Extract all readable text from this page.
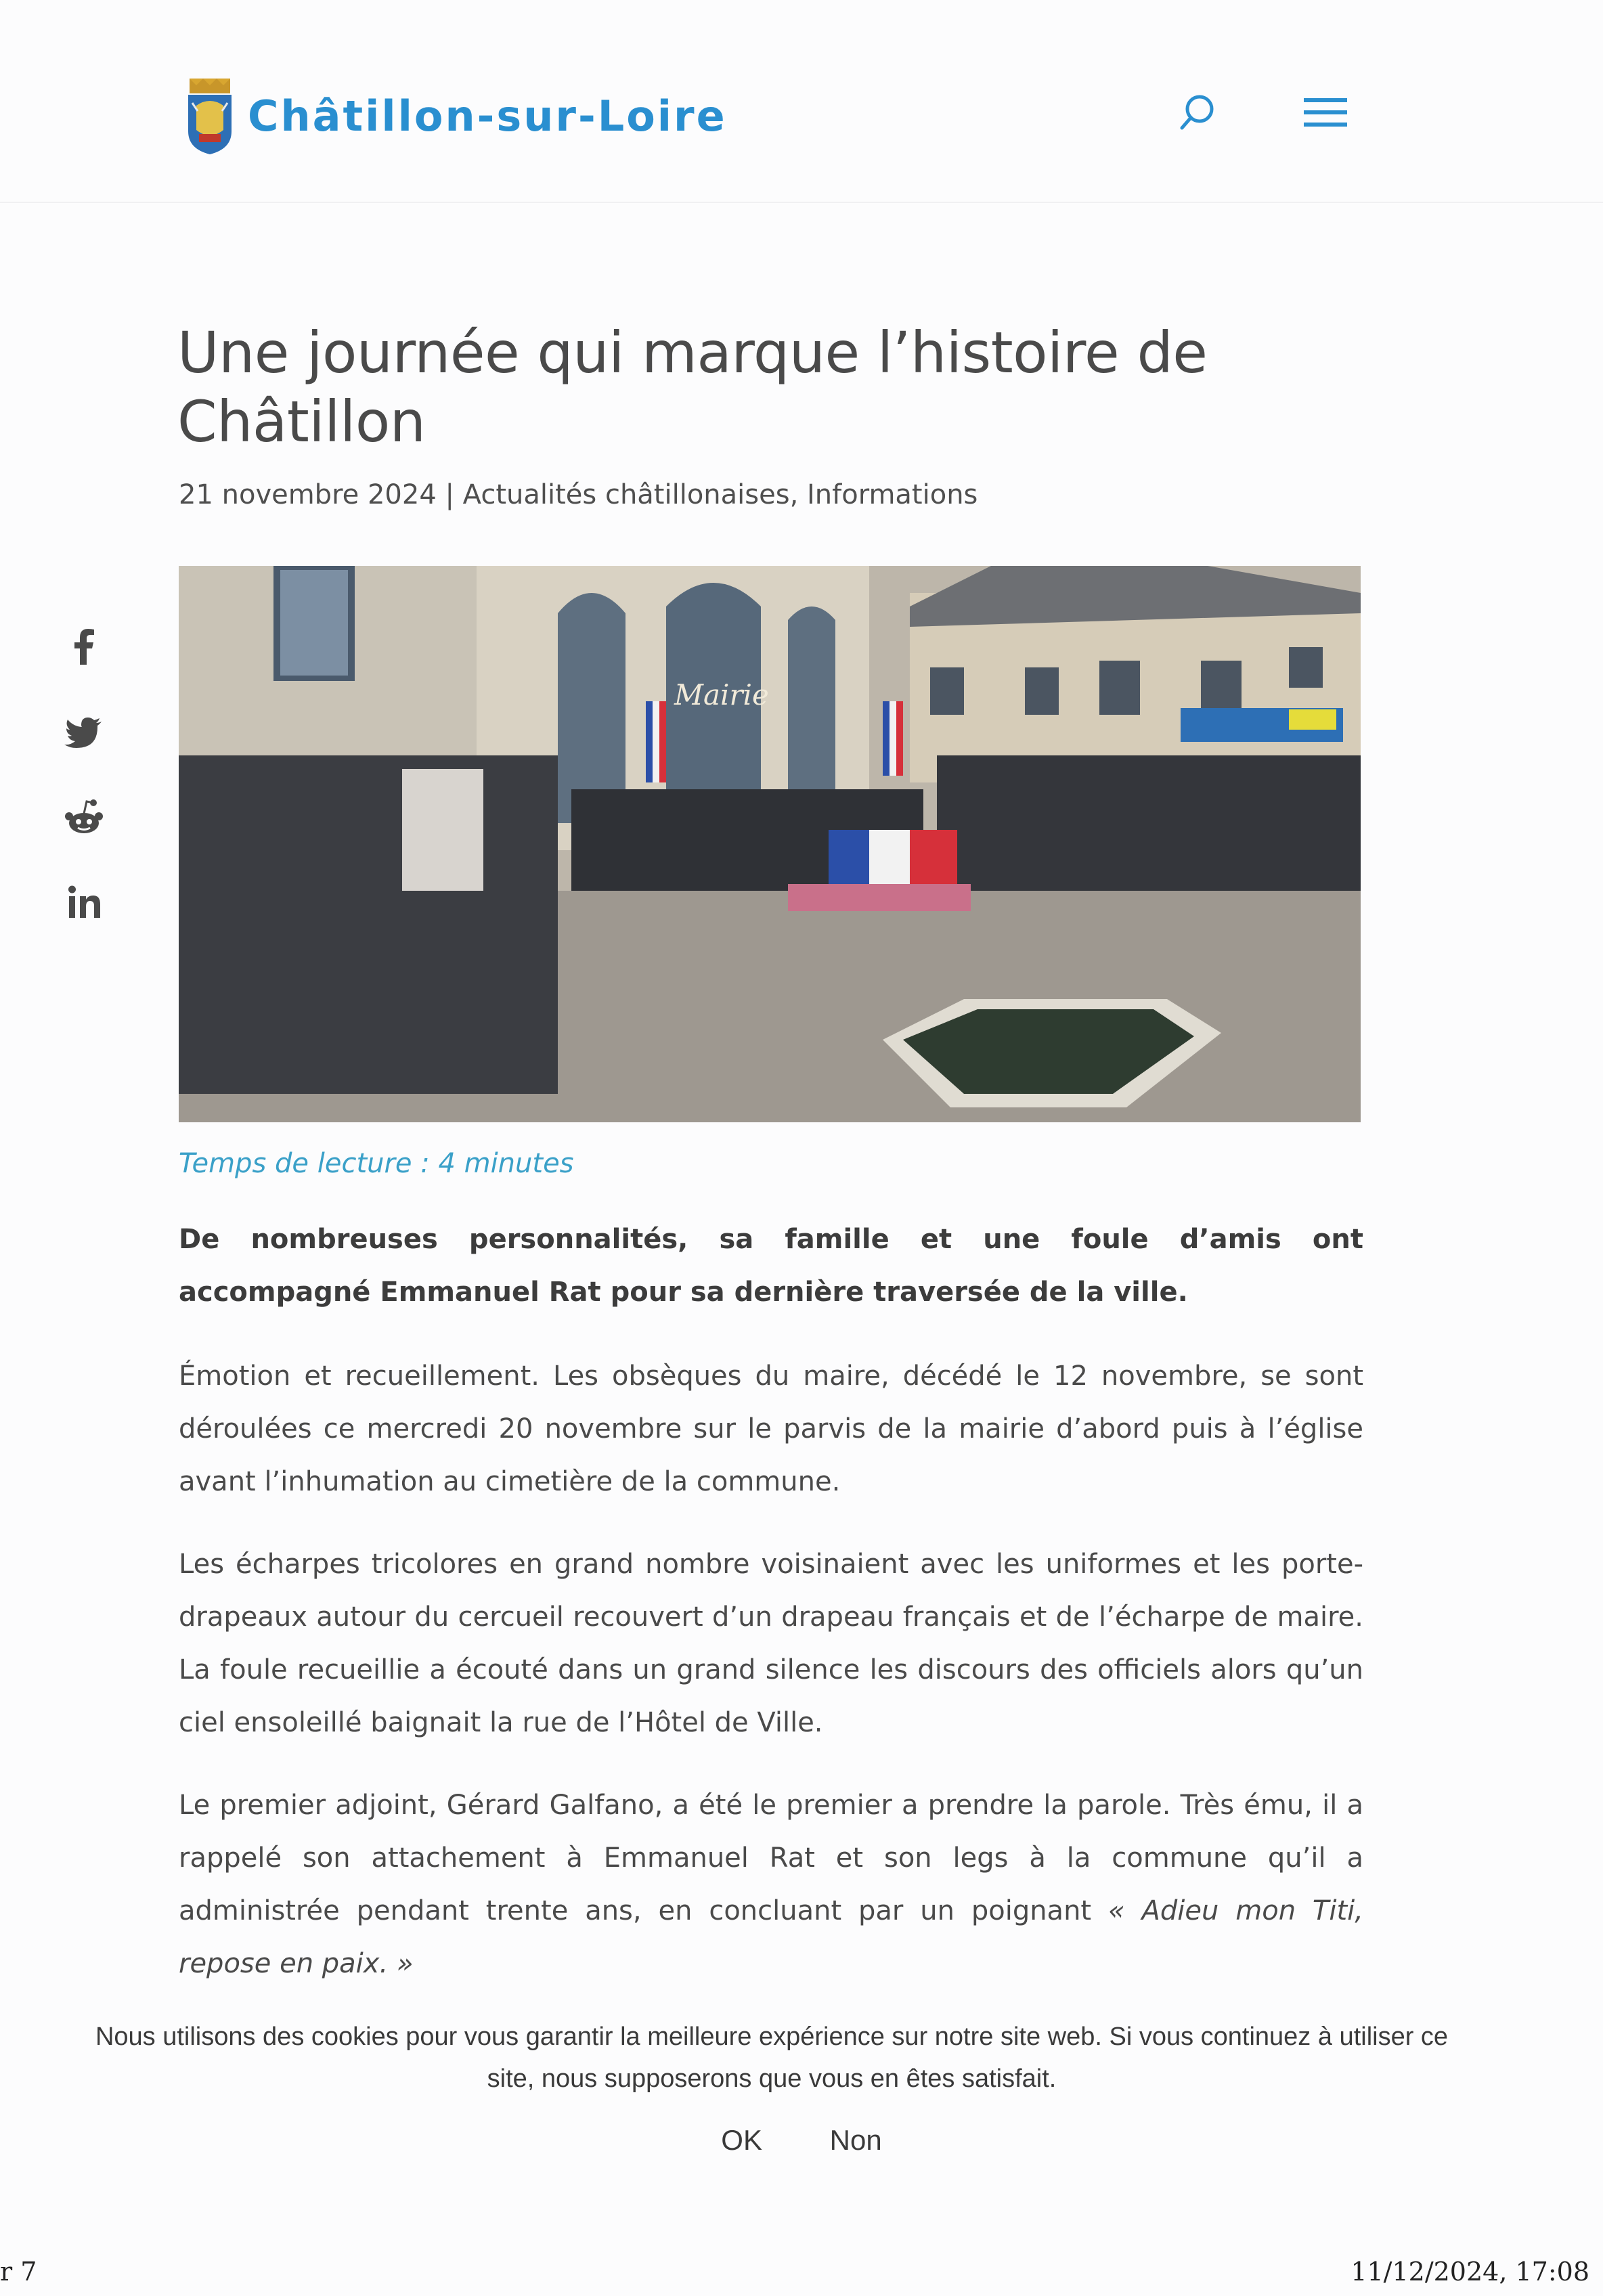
Châtillon-sur-Loire
Une journée qui marque l’histoire de Châtillon
21 novembre 2024 | Actualités châtillonaises, Informations
Mairie
Temps de lecture : 4 minutes

De nombreuses personnalités, sa famille et une foule d’amis ont accompagné Emmanuel Rat pour sa dernière traversée de la ville.

Émotion et recueillement. Les obsèques du maire, décédé le 12 novembre, se sont déroulées ce mercredi 20 novembre sur le parvis de la mairie d’abord puis à l’église avant l’inhumation au cimetière de la commune.

Les écharpes tricolores en grand nombre voisinaient avec les uniformes et les porte-drapeaux autour du cercueil recouvert d’un drapeau français et de l’écharpe de maire. La foule recueillie a écouté dans un grand silence les discours des officiels alors qu’un ciel ensoleillé baignait la rue de l’Hôtel de Ville.

Le premier adjoint, Gérard Galfano, a été le premier a prendre la parole. Très ému, il a rappelé son attachement à Emmanuel Rat et son legs à la commune qu’il a administrée pendant trente ans, en concluant par un poignant « Adieu mon Titi, repose en paix. »

Nous utilisons des cookies pour vous garantir la meilleure expérience sur notre site web. Si vous continuez à utiliser ce site, nous supposerons que vous en êtes satisfait.
OK Non
r 7	11/12/2024, 17:08
